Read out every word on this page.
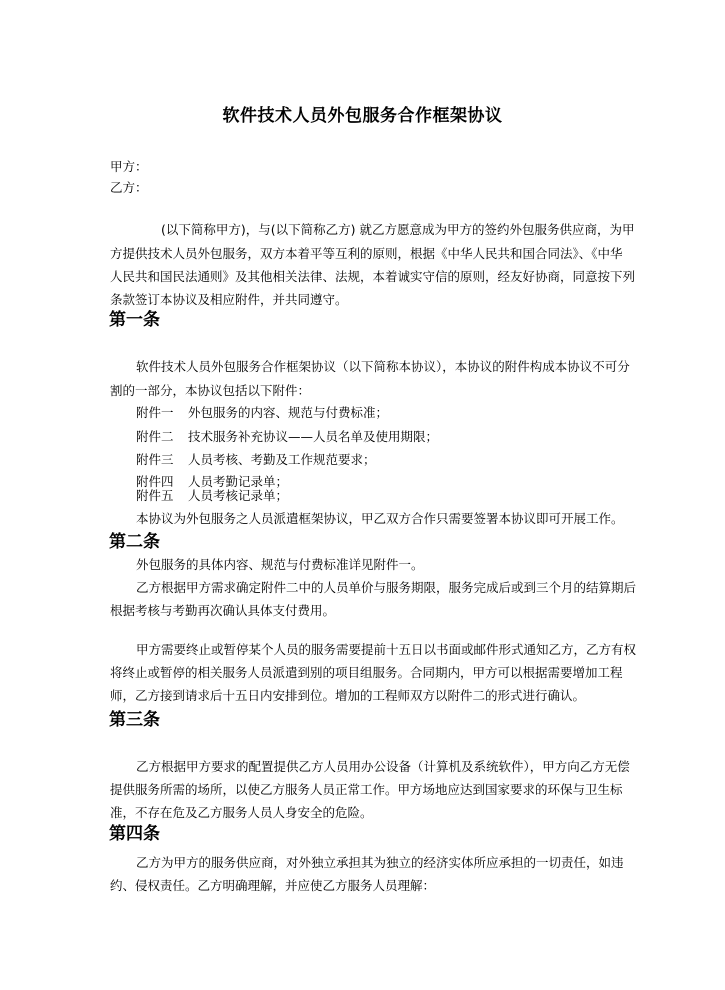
软件技术人员外包服务合作框架协议
甲方：
乙方：
(以下简称甲方)，与(以下简称乙方) 就乙方愿意成为甲方的签约外包服务供应商，为甲
方提供技术人员外包服务，双方本着平等互利的原则，根据《中华人民共和国合同法》、《中华
人民共和国民法通则》及其他相关法律、法规，本着诚实守信的原则，经友好协商，同意按下列
条款签订本协议及相应附件，并共同遵守。
第一条
软件技术人员外包服务合作框架协议（以下简称本协议），本协议的附件构成本协议不可分
割的一部分，本协议包括以下附件：
附件一 外包服务的内容、规范与付费标准；
附件二 技术服务补充协议——人员名单及使用期限；
附件三 人员考核、考勤及工作规范要求；
附件四 人员考勤记录单；
附件五 人员考核记录单；
本协议为外包服务之人员派遣框架协议，甲乙双方合作只需要签署本协议即可开展工作。
第二条
外包服务的具体内容、规范与付费标准详见附件一。
乙方根据甲方需求确定附件二中的人员单价与服务期限，服务完成后或到三个月的结算期后
根据考核与考勤再次确认具体支付费用。
甲方需要终止或暂停某个人员的服务需要提前十五日以书面或邮件形式通知乙方，乙方有权
将终止或暂停的相关服务人员派遣到别的项目组服务。合同期内，甲方可以根据需要增加工程
师，乙方接到请求后十五日内安排到位。增加的工程师双方以附件二的形式进行确认。
第三条
乙方根据甲方要求的配置提供乙方人员用办公设备（计算机及系统软件），甲方向乙方无偿
提供服务所需的场所，以使乙方服务人员正常工作。甲方场地应达到国家要求的环保与卫生标
准，不存在危及乙方服务人员人身安全的危险。
第四条
乙方为甲方的服务供应商，对外独立承担其为独立的经济实体所应承担的一切责任，如违
约、侵权责任。乙方明确理解，并应使乙方服务人员理解：
